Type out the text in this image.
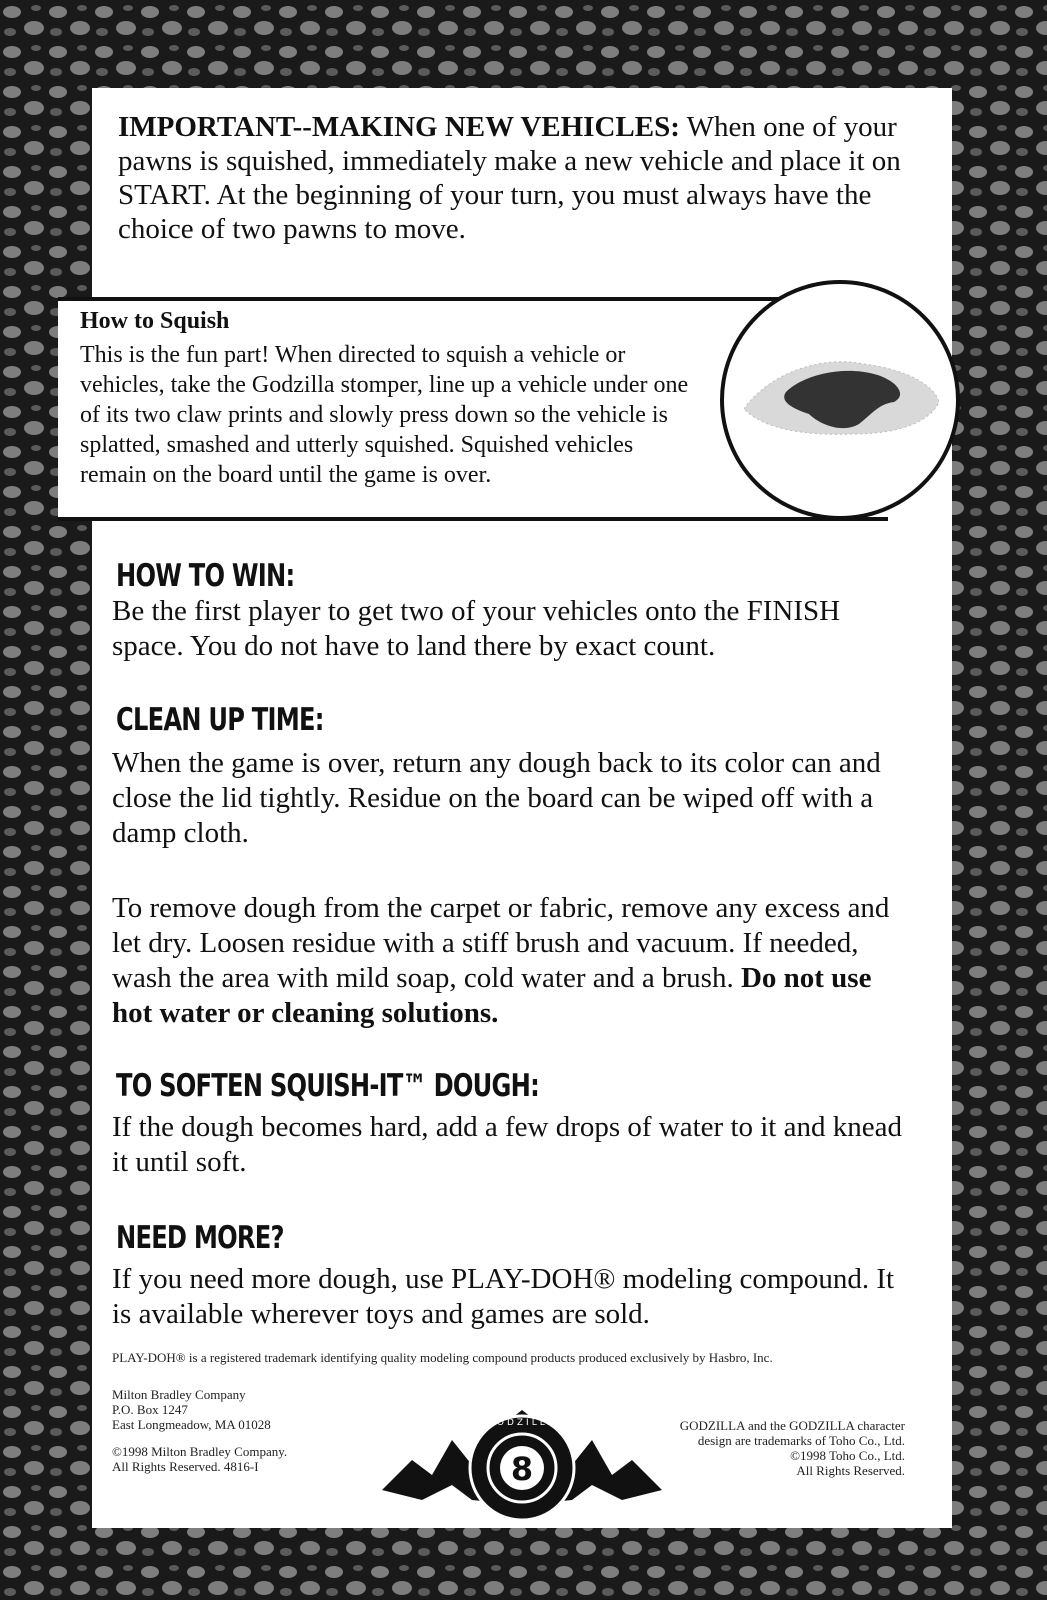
IMPORTANT--MAKING NEW VEHICLES: When one of your pawns is squished, immediately make a new vehicle and place it on START. At the beginning of your turn, you must always have the choice of two pawns to move.
How to Squish
This is the fun part! When directed to squish a vehicle or vehicles, take the Godzilla stomper, line up a vehicle under one of its two claw prints and slowly press down so the vehicle is splatted, smashed and utterly squished. Squished vehicles remain on the board until the game is over.
HOW TO WIN:
Be the first player to get two of your vehicles onto the FINISH space. You do not have to land there by exact count.
CLEAN UP TIME:
When the game is over, return any dough back to its color can and close the lid tightly. Residue on the board can be wiped off with a damp cloth.
To remove dough from the carpet or fabric, remove any excess and let dry. Loosen residue with a stiff brush and vacuum. If needed, wash the area with mild soap, cold water and a brush. Do not use hot water or cleaning solutions.
TO SOFTEN SQUISH-IT™ DOUGH:
If the dough becomes hard, add a few drops of water to it and knead it until soft.
NEED MORE?
If you need more dough, use PLAY-DOH® modeling compound. It is available wherever toys and games are sold.
PLAY-DOH® is a registered trademark identifying quality modeling compound products produced exclusively by Hasbro, Inc.
Milton Bradley Company
P.O. Box 1247
East Longmeadow, MA 01028
©1998 Milton Bradley Company.
All Rights Reserved. 4816-I	8
GODZILLA	GODZILLA and the GODZILLA character
design are trademarks of Toho Co., Ltd.
©1998 Toho Co., Ltd.
All Rights Reserved.
